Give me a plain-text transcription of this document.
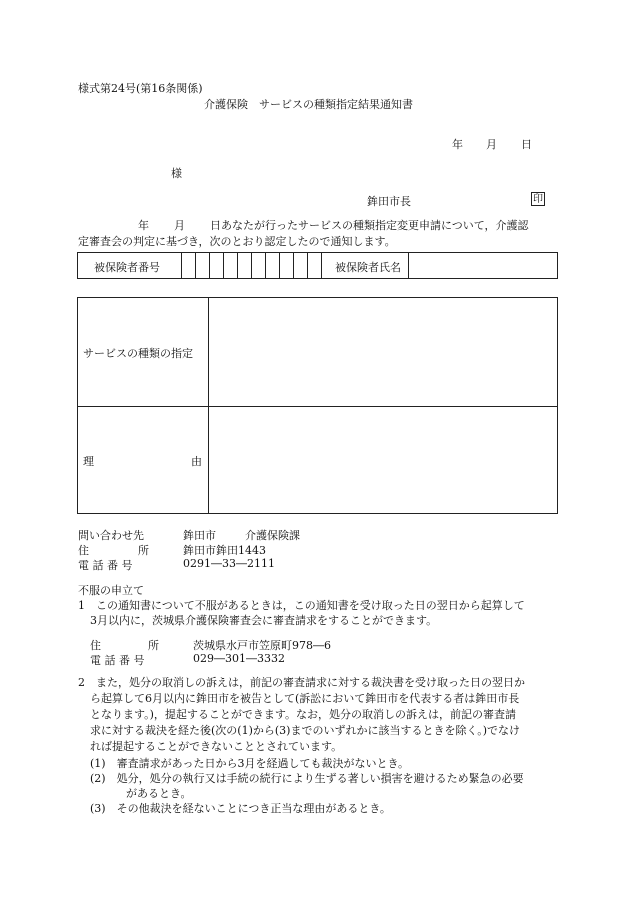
様式第24号(第16条関係)
介護保険　サービスの種類指定結果通知書
年 月 日
様
鉾田市長	印
年 月 日あなたが行ったサービスの種類指定変更申請について，介護認
定審査会の判定に基づき，次のとおり認定したので通知します。
被保険者番号	被保険者氏名
サービスの種類の指定
理	由
問い合わせ先	鉾田市	介護保険課
住	所	鉾田市鉾田1443
電 話 番 号	0291―33―2111
不服の申立て
1　この通知書について不服があるときは，この通知書を受け取った日の翌日から起算して
3月以内に，茨城県介護保険審査会に審査請求をすることができます。
住	所	茨城県水戸市笠原町978―6
電 話 番 号	029―301―3332
2　また，処分の取消しの訴えは，前記の審査請求に対する裁決書を受け取った日の翌日か
ら起算して6月以内に鉾田市を被告として(訴訟において鉾田市を代表する者は鉾田市長
となります。)，提起することができます。なお，処分の取消しの訴えは，前記の審査請
求に対する裁決を経た後(次の(1)から(3)までのいずれかに該当するときを除く。)でなけ
れば提起することができないこととされています。
(1)　審査請求があった日から3月を経過しても裁決がないとき。
(2)　処分，処分の執行又は手続の続行により生ずる著しい損害を避けるため緊急の必要
があるとき。
(3)　その他裁決を経ないことにつき正当な理由があるとき。
